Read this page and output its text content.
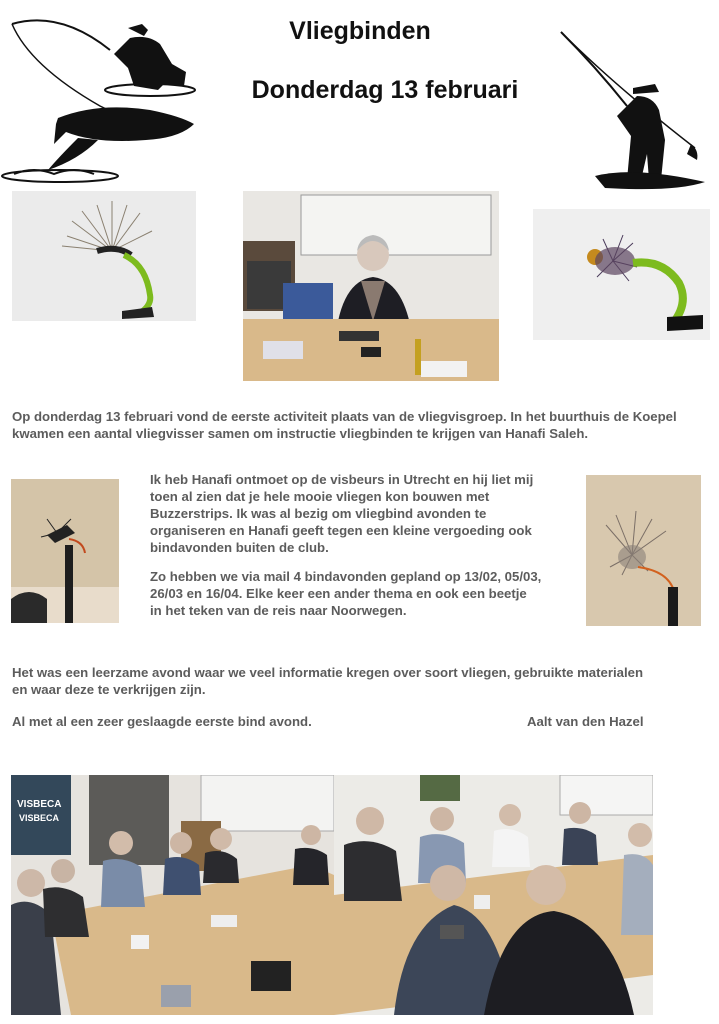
Vliegbinden
Donderdag 13 februari

Op donderdag 13 februari vond de eerste activiteit plaats van de vliegvisgroep. In het buurthuis de Koepel kwamen een aantal vliegvisser samen om instructie vliegbinden te krijgen van Hanafi Saleh.

Ik heb Hanafi ontmoet op de visbeurs in Utrecht en hij liet mij toen al zien dat je hele mooie vliegen kon bouwen met Buzzerstrips. Ik was al bezig om vliegbind avonden te organiseren en Hanafi geeft tegen een kleine vergoeding ook bindavonden buiten de club.

Zo hebben we via mail 4 bindavonden gepland op 13/02, 05/03, 26/03 en 16/04. Elke keer een ander thema en ook een beetje in het teken van de reis naar Noorwegen.

Het was een leerzame avond waar we veel informatie kregen over soort vliegen, gebruikte materialen en waar deze te verkrijgen zijn.

Al met al een zeer geslaagde eerste bind avond.	Aalt van den Hazel

VISBECA
VISBECA
